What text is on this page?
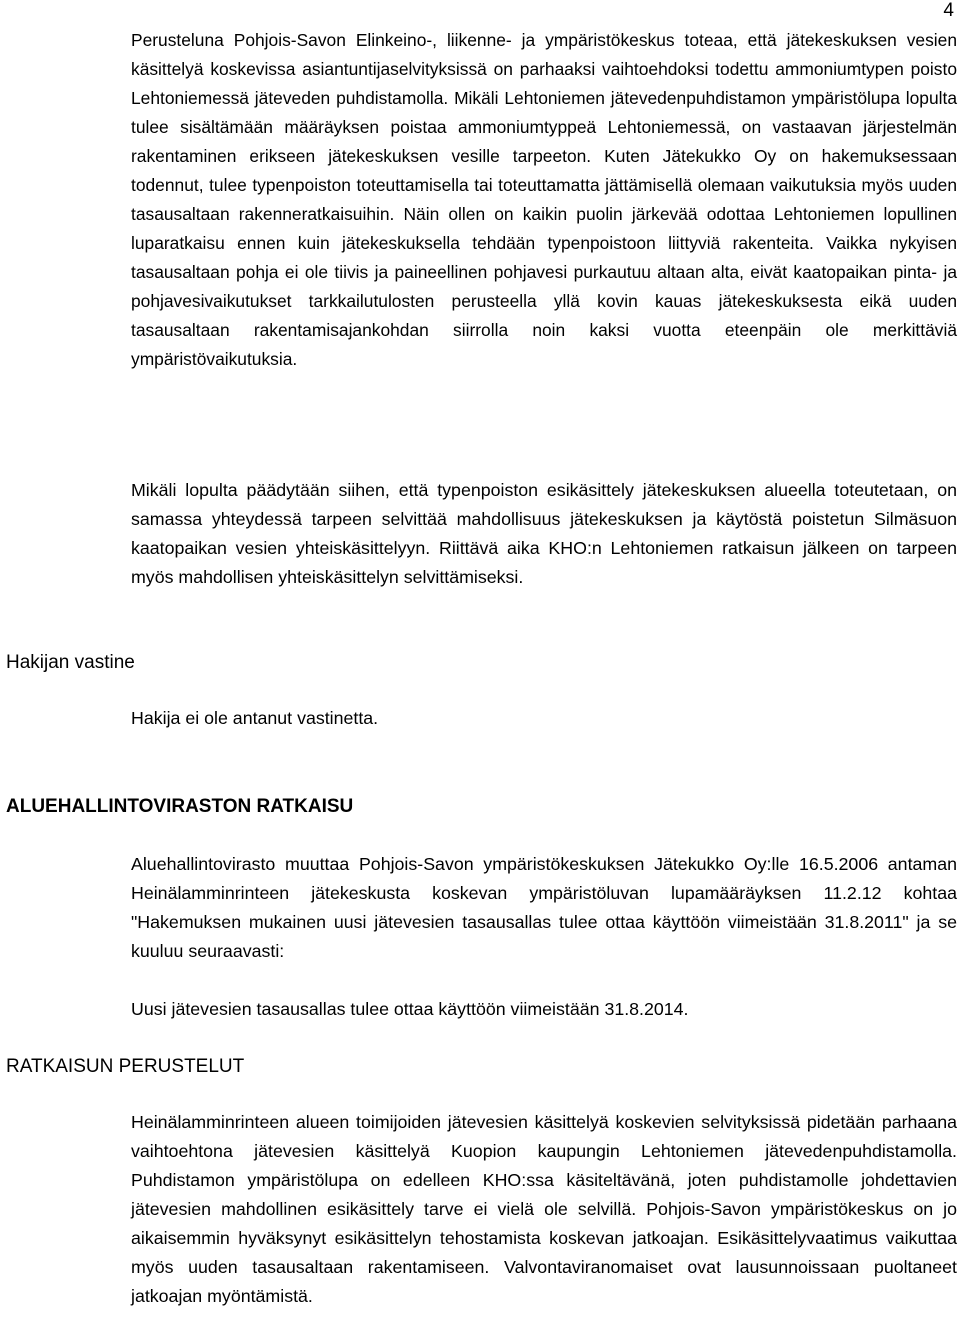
4

Perusteluna Pohjois-Savon Elinkeino-, liikenne- ja ympäristökeskus toteaa, että jätekeskuksen vesien käsittelyä koskevissa asiantuntijaselvityksissä on parhaaksi vaihtoehdoksi todettu ammoniumtypen poisto Lehtoniemessä jäteveden puhdistamolla. Mikäli Lehtoniemen jätevedenpuhdistamon ympäristölupa lopulta tulee sisältämään määräyksen poistaa ammoniumtyppeä Lehtoniemessä, on vastaavan järjestelmän rakentaminen erikseen jätekeskuksen vesille tarpeeton. Kuten Jätekukko Oy on hakemuksessaan todennut, tulee typenpoiston toteuttamisella tai toteuttamatta jättämisellä olemaan vaikutuksia myös uuden tasausaltaan rakenneratkaisuihin. Näin ollen on kaikin puolin järkevää odottaa Lehtoniemen lopullinen luparatkaisu ennen kuin jätekeskuksella tehdään typenpoistoon liittyviä rakenteita. Vaikka nykyisen tasausaltaan pohja ei ole tiivis ja paineellinen pohjavesi purkautuu altaan alta, eivät kaatopaikan pinta- ja pohjavesivaikutukset tarkkailutulosten perusteella yllä kovin kauas jätekeskuksesta eikä uuden tasausaltaan rakentamisajankohdan siirrolla noin kaksi vuotta eteenpäin ole merkittäviä ympäristövaikutuksia.

Mikäli lopulta päädytään siihen, että typenpoiston esikäsittely jätekeskuksen alueella toteutetaan, on samassa yhteydessä tarpeen selvittää mahdollisuus jätekeskuksen ja käytöstä poistetun Silmäsuon kaatopaikan vesien yhteiskäsittelyyn. Riittävä aika KHO:n Lehtoniemen ratkaisun jälkeen on tarpeen myös mahdollisen yhteiskäsittelyn selvittämiseksi.

Hakijan vastine

Hakija ei ole antanut vastinetta.

ALUEHALLINTOVIRASTON RATKAISU

Aluehallintovirasto muuttaa Pohjois-Savon ympäristökeskuksen Jätekukko Oy:lle 16.5.2006 antaman Heinälamminrinteen jätekeskusta koskevan ympäristöluvan lupamääräyksen 11.2.12 kohtaa "Hakemuksen mukainen uusi jätevesien tasausallas tulee ottaa käyttöön viimeistään 31.8.2011" ja se kuuluu seuraavasti:

Uusi jätevesien tasausallas tulee ottaa käyttöön viimeistään 31.8.2014.

RATKAISUN PERUSTELUT

Heinälamminrinteen alueen toimijoiden jätevesien käsittelyä koskevien selvityksissä pidetään parhaana vaihtoehtona jätevesien käsittelyä Kuopion kaupungin Lehtoniemen jätevedenpuhdistamolla. Puhdistamon ympäristölupa on edelleen KHO:ssa käsiteltävänä, joten puhdistamolle johdettavien jätevesien mahdollinen esikäsittely tarve ei vielä ole selvillä. Pohjois-Savon ympäristökeskus on jo aikaisemmin hyväksynyt esikäsittelyn tehostamista koskevan jatkoajan. Esikäsittelyvaatimus vaikuttaa myös uuden tasausaltaan rakentamiseen. Valvontaviranomaiset ovat lausunnoissaan puoltaneet jatkoajan myöntämistä.
